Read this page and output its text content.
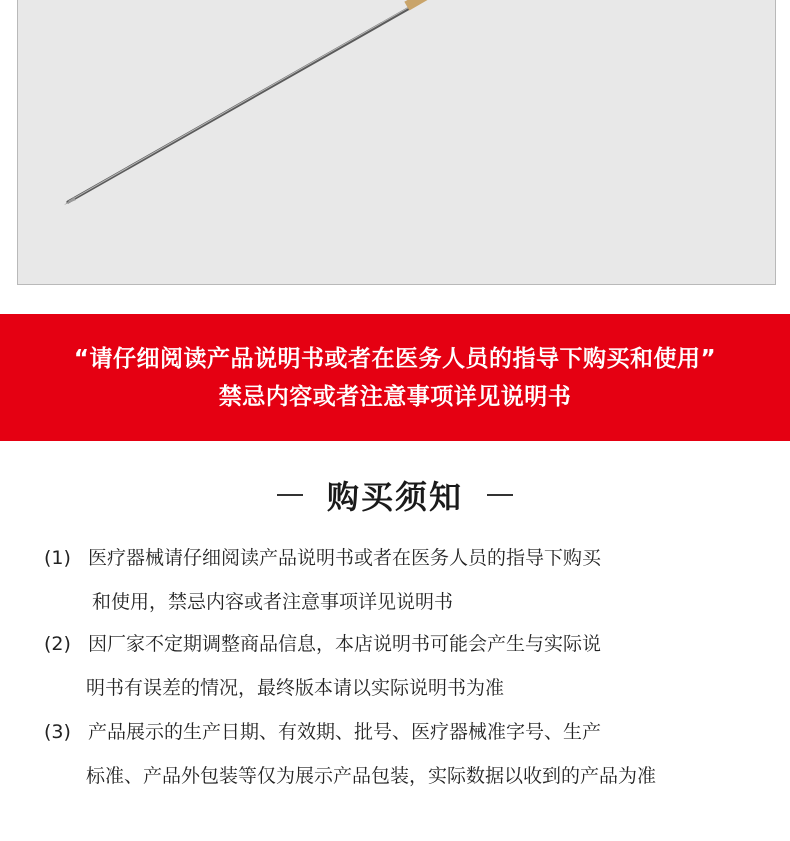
“请仔细阅读产品说明书或者在医务人员的指导下购买和使用”
禁忌内容或者注意事项详见说明书
购买须知
(1) 医疗器械请仔细阅读产品说明书或者在医务人员的指导下购买
和使用，禁忌内容或者注意事项详见说明书
(2) 因厂家不定期调整商品信息，本店说明书可能会产生与实际说
明书有误差的情况，最终版本请以实际说明书为准
(3) 产品展示的生产日期、有效期、批号、医疗器械准字号、生产
标准、产品外包装等仅为展示产品包装，实际数据以收到的产品为准
